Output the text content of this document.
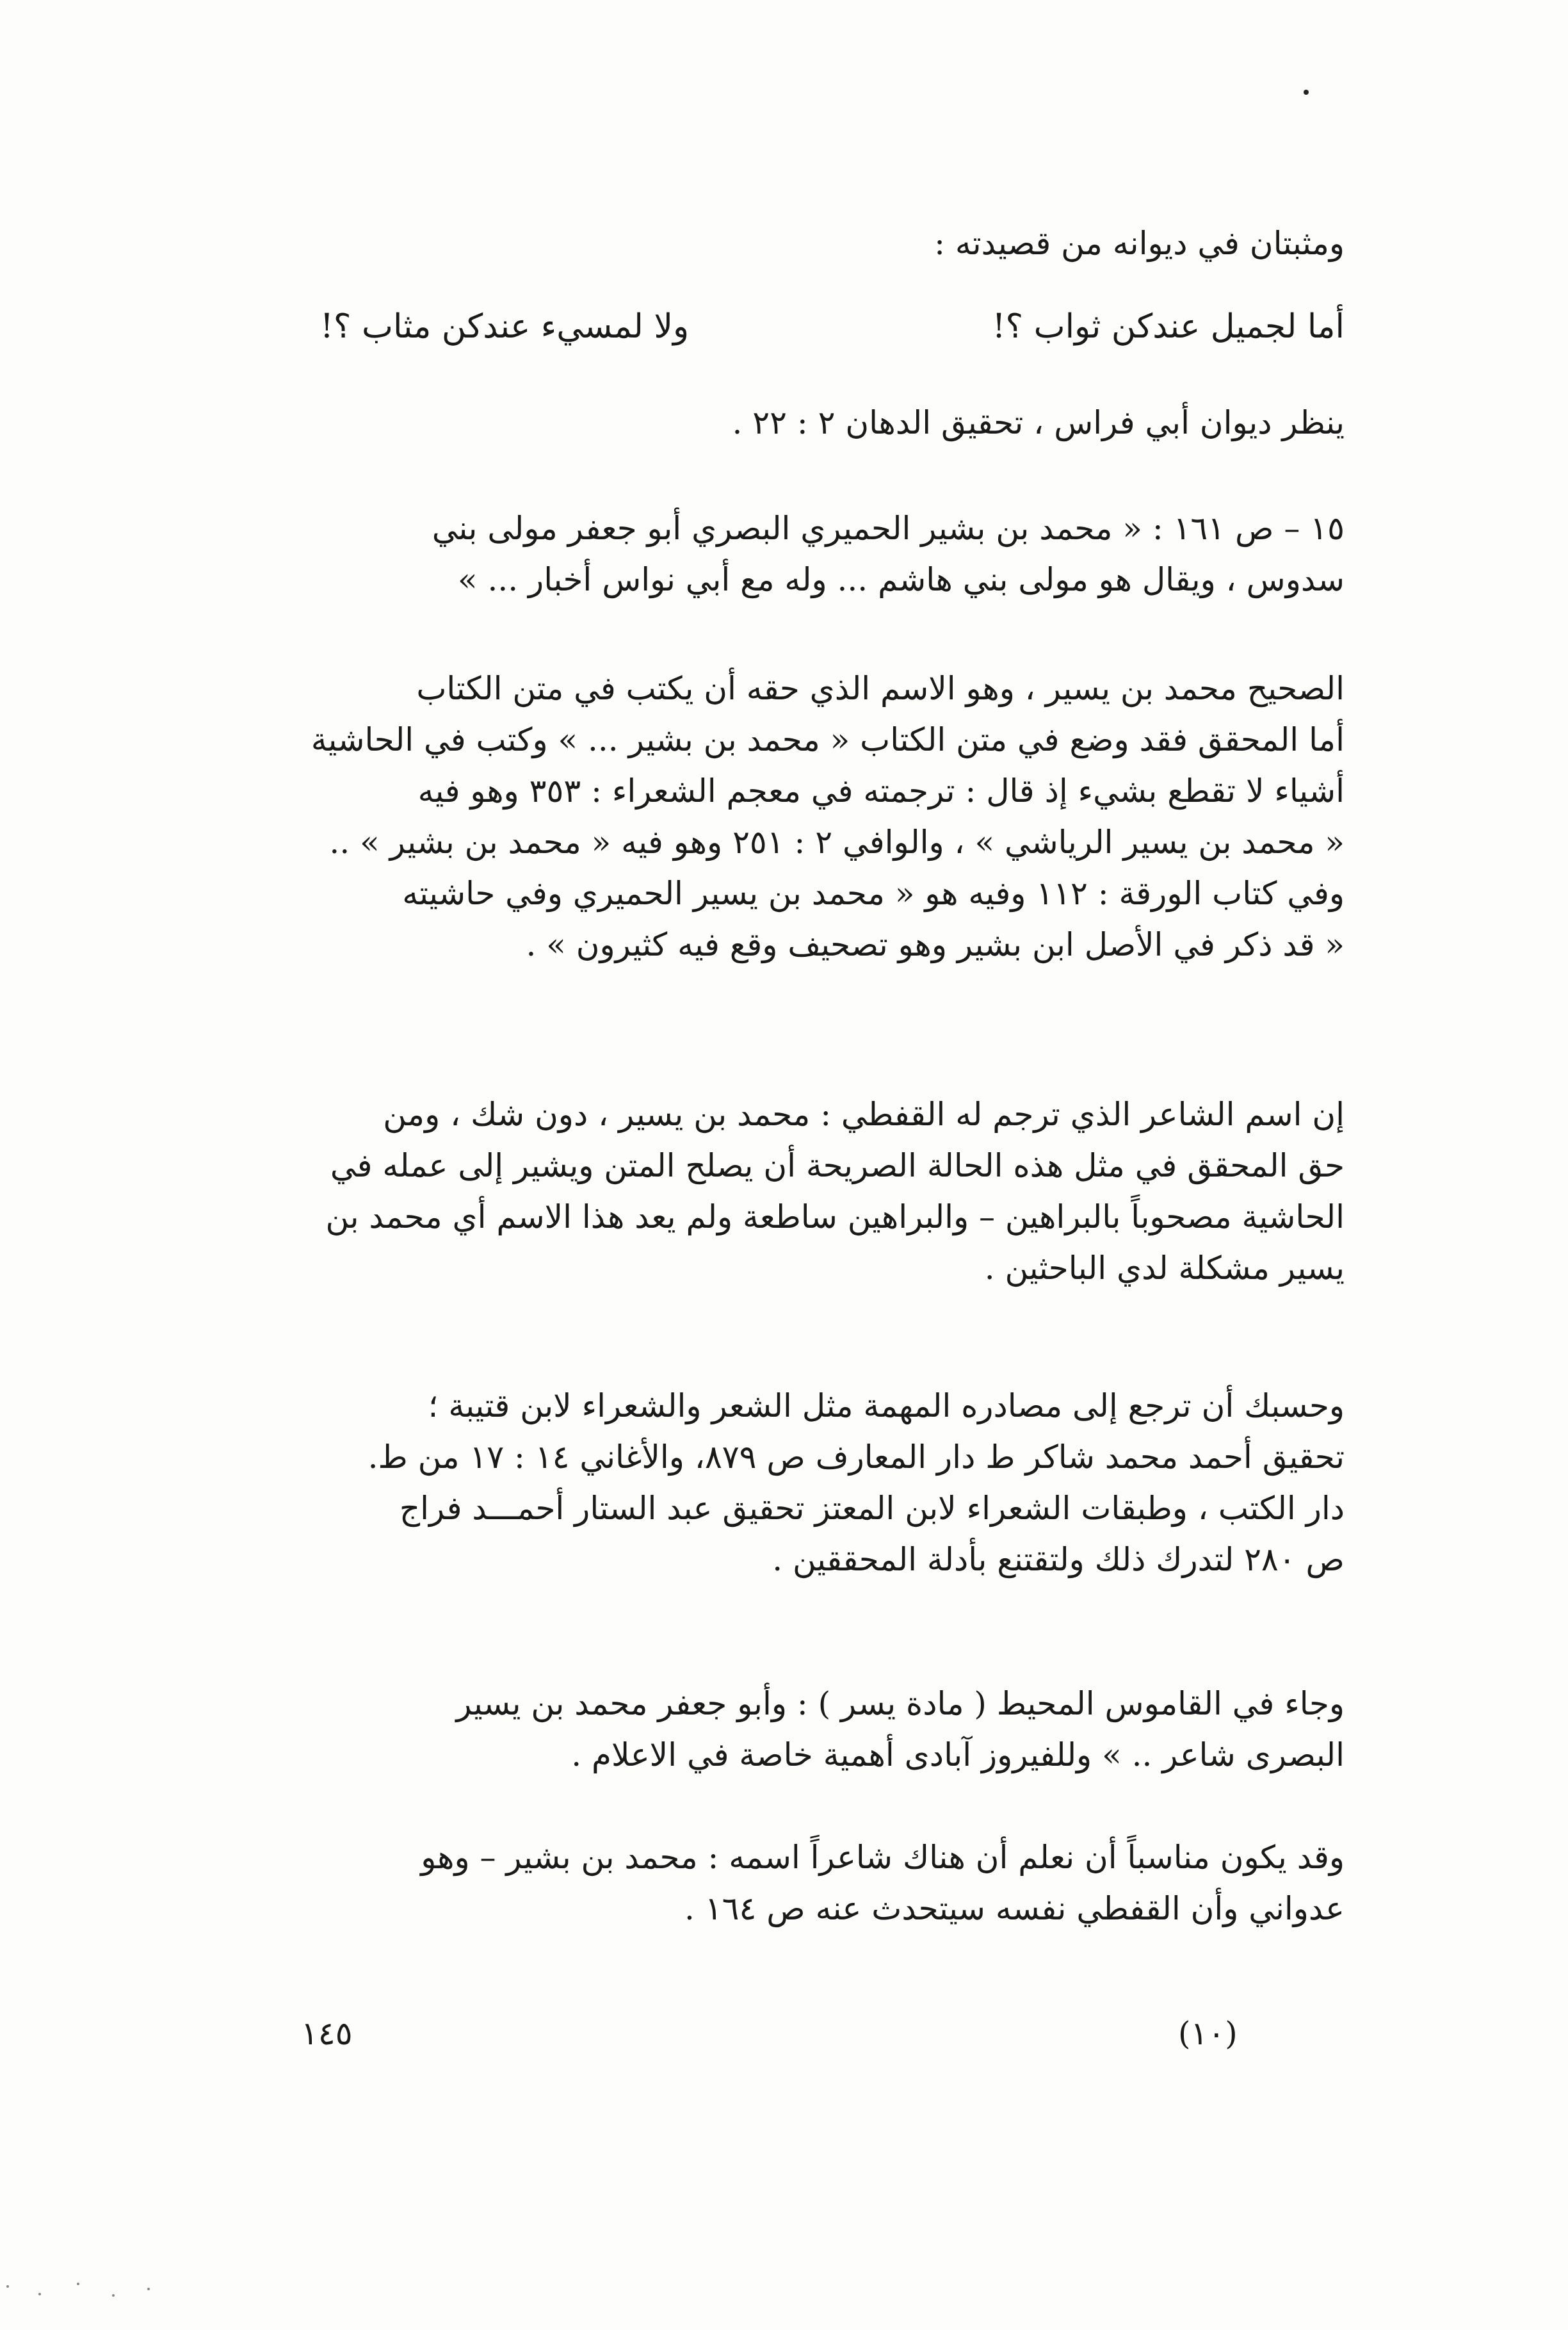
ومثبتان في ديوانه من قصيدته :
أما لجميل عندكن ثواب ؟!
ولا لمسيء عندكن مثاب ؟!
ينظر ديوان أبي فراس ، تحقيق الدهان ٢ : ٢٢ .
١٥ – ص ١٦١ : « محمد بن بشير الحميري البصري أبو جعفر مولى بني
سدوس ، ويقال هو مولى بني هاشم ... وله مع أبي نواس أخبار ... »
الصحيح محمد بن يسير ، وهو الاسم الذي حقه أن يكتب في متن الكتاب
أما المحقق فقد وضع في متن الكتاب « محمد بن بشير ... » وكتب في الحاشية
أشياء لا تقطع بشيء إذ قال : ترجمته في معجم الشعراء : ٣٥٣ وهو فيه
« محمد بن يسير الرياشي » ، والوافي ٢ : ٢٥١ وهو فيه « محمد بن بشير » ..
وفي كتاب الورقة : ١١٢ وفيه هو « محمد بن يسير الحميري وفي حاشيته
« قد ذكر في الأصل ابن بشير وهو تصحيف وقع فيه كثيرون » .
إن اسم الشاعر الذي ترجم له القفطي : محمد بن يسير ، دون شك ، ومن
حق المحقق في مثل هذه الحالة الصريحة أن يصلح المتن ويشير إلى عمله في
الحاشية مصحوباً بالبراهين – والبراهين ساطعة ولم يعد هذا الاسم أي محمد بن
يسير مشكلة لدي الباحثين .
وحسبك أن ترجع إلى مصادره المهمة مثل الشعر والشعراء لابن قتيبة ؛
تحقيق أحمد محمد شاكر ط دار المعارف ص ٨٧٩، والأغاني ١٤ : ١٧ من ط.
دار الكتب ، وطبقات الشعراء لابن المعتز تحقيق عبد الستار أحمـــد فراج
ص ٢٨٠ لتدرك ذلك ولتقتنع بأدلة المحققين .
وجاء في القاموس المحيط ( مادة يسر ) : وأبو جعفر محمد بن يسير
البصرى شاعر .. » وللفيروز آبادى أهمية خاصة في الاعلام .
وقد يكون مناسباً أن نعلم أن هناك شاعراً اسمه : محمد بن بشير – وهو
عدواني وأن القفطي نفسه سيتحدث عنه ص ١٦٤ .
١٤٥	(١٠)
